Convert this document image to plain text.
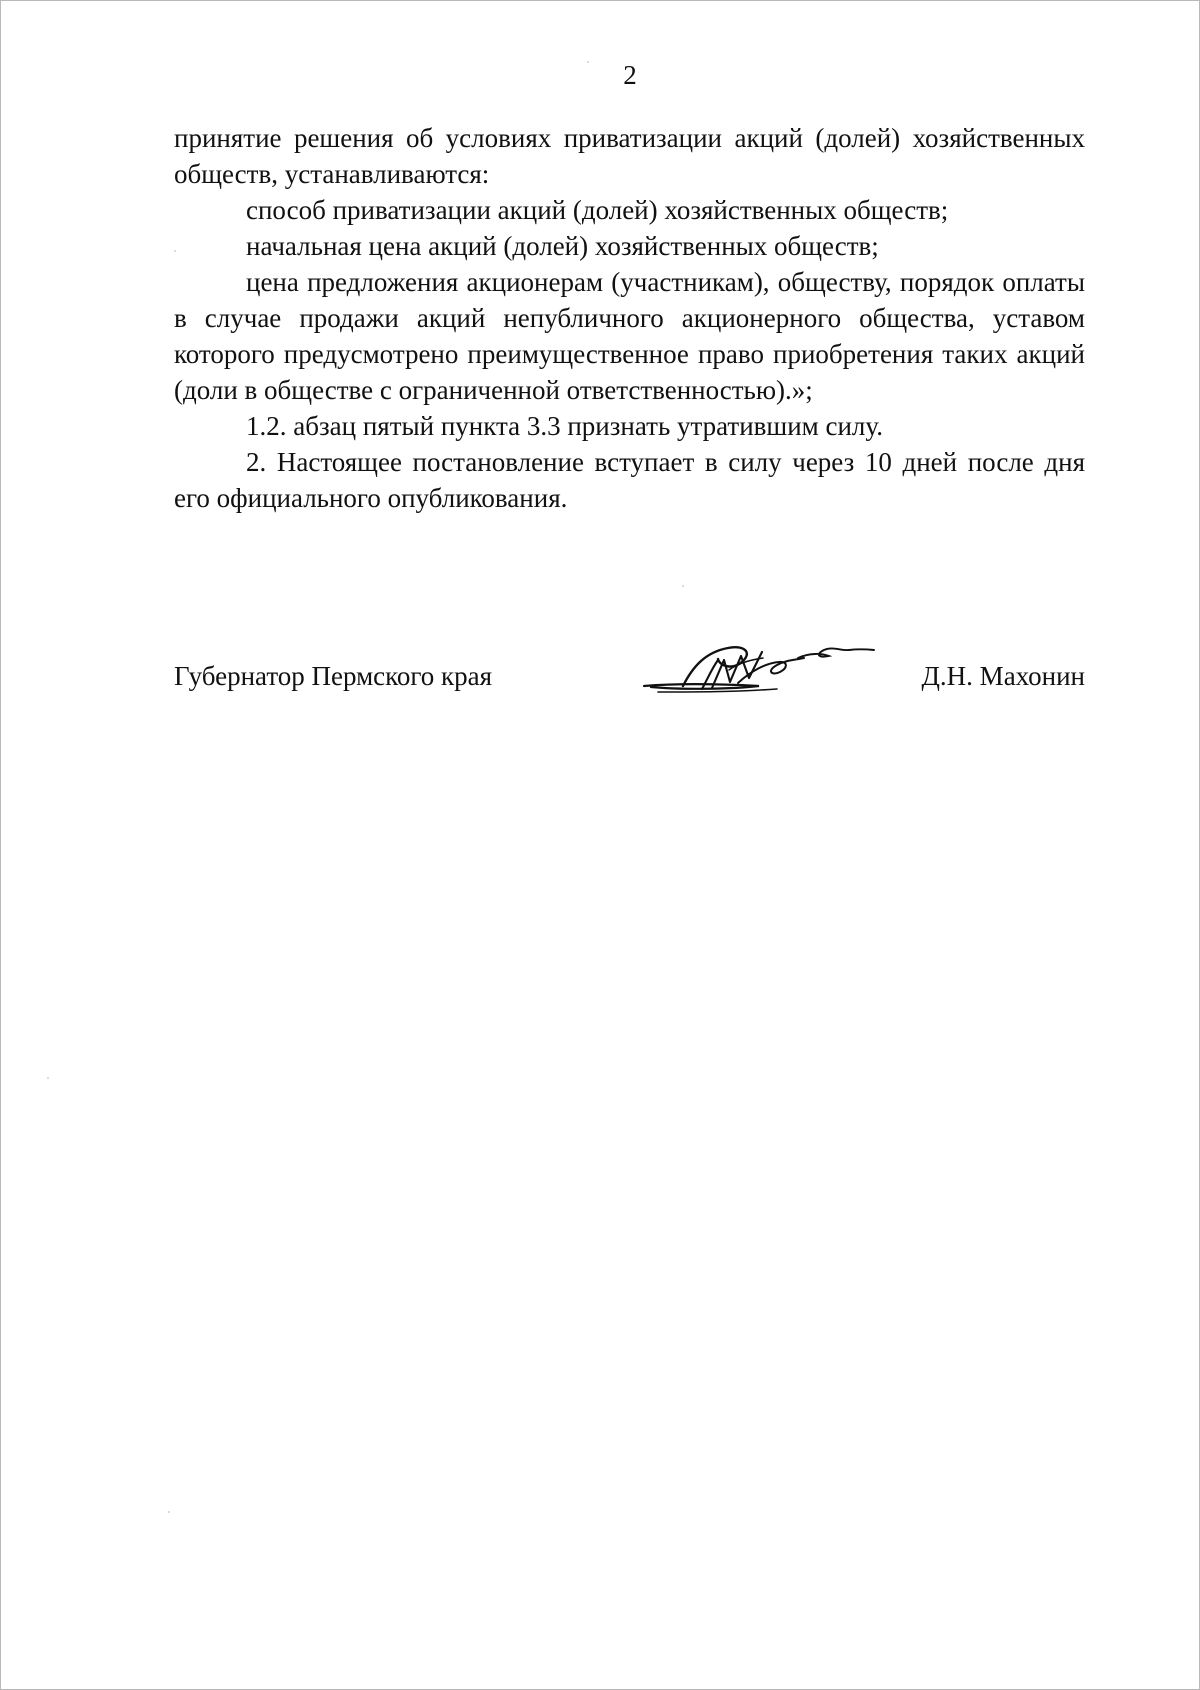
2

принятие решения об условиях приватизации акций (долей) хозяйственных обществ, устанавливаются:

способ приватизации акций (долей) хозяйственных обществ;

начальная цена акций (долей) хозяйственных обществ;

цена предложения акционерам (участникам), обществу, порядок оплаты в случае продажи акций непубличного акционерного общества, уставом которого предусмотрено преимущественное право приобретения таких акций (доли в обществе с ограниченной ответственностью).»;

1.2. абзац пятый пункта 3.3 признать утратившим силу.

2. Настоящее постановление вступает в силу через 10 дней после дня его официального опубликования.

Губернатор Пермского края	Д.Н. Махонин
